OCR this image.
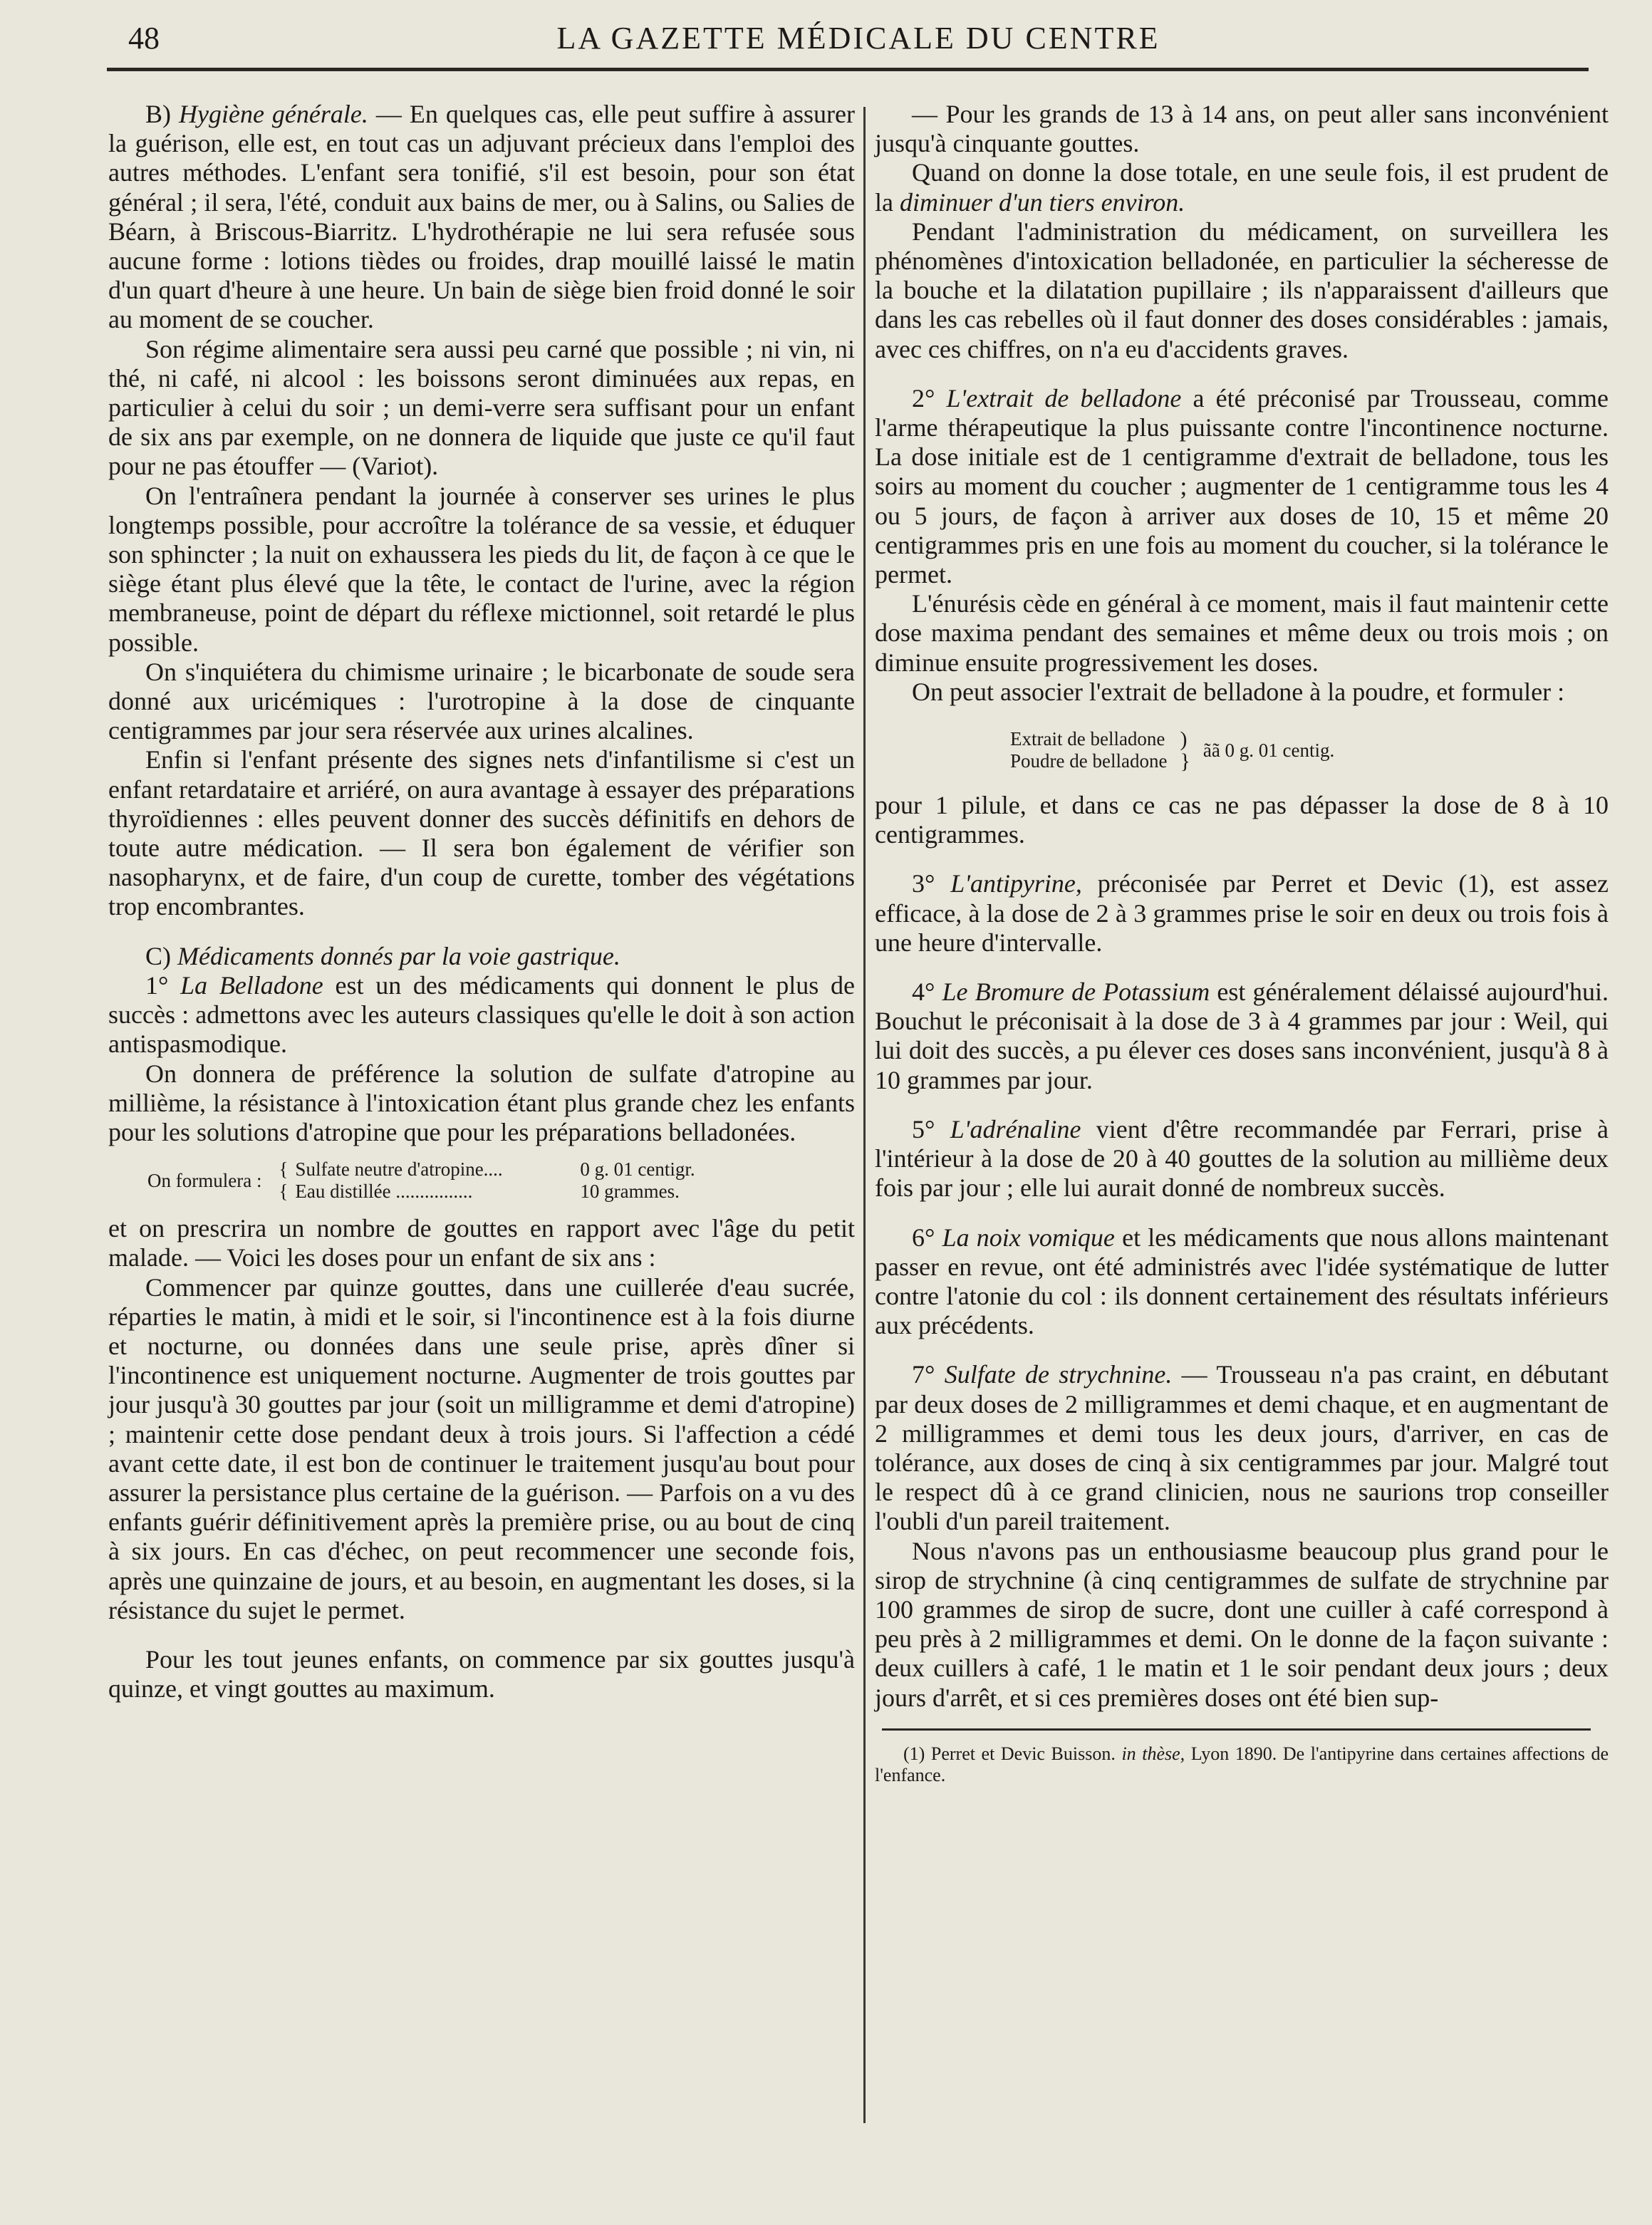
48	LA GAZETTE MÉDICALE DU CENTRE

B) Hygiène générale. — En quelques cas, elle peut suffire à assurer la guérison, elle est, en tout cas un adjuvant précieux dans l'emploi des autres méthodes. L'enfant sera tonifié, s'il est besoin, pour son état général ; il sera, l'été, conduit aux bains de mer, ou à Salins, ou Salies de Béarn, à Briscous-Biarritz. L'hydrothérapie ne lui sera refusée sous aucune forme : lotions tièdes ou froides, drap mouillé laissé le matin d'un quart d'heure à une heure. Un bain de siège bien froid donné le soir au moment de se coucher.

Son régime alimentaire sera aussi peu carné que possible ; ni vin, ni thé, ni café, ni alcool : les boissons seront diminuées aux repas, en particulier à celui du soir ; un demi-verre sera suffisant pour un enfant de six ans par exemple, on ne donnera de liquide que juste ce qu'il faut pour ne pas étouffer — (Variot).

On l'entraînera pendant la journée à conserver ses urines le plus longtemps possible, pour accroître la tolérance de sa vessie, et éduquer son sphincter ; la nuit on exhaussera les pieds du lit, de façon à ce que le siège étant plus élevé que la tête, le contact de l'urine, avec la région membraneuse, point de départ du réflexe mictionnel, soit retardé le plus possible.

On s'inquiétera du chimisme urinaire ; le bicarbonate de soude sera donné aux uricémiques : l'urotropine à la dose de cinquante centigrammes par jour sera réservée aux urines alcalines.

Enfin si l'enfant présente des signes nets d'infantilisme si c'est un enfant retardataire et arriéré, on aura avantage à essayer des préparations thyroïdiennes : elles peuvent donner des succès définitifs en dehors de toute autre médication. — Il sera bon également de vérifier son nasopharynx, et de faire, d'un coup de curette, tomber des végétations trop encombrantes.

C) Médicaments donnés par la voie gastrique.

1° La Belladone est un des médicaments qui donnent le plus de succès : admettons avec les auteurs classiques qu'elle le doit à son action antispasmodique.

On donnera de préférence la solution de sulfate d'atropine au millième, la résistance à l'intoxication étant plus grande chez les enfants pour les solutions d'atropine que pour les préparations belladonées.

On formulera :
{ Sulfate neutre d'atropine....	0 g. 01 centigr.
{ Eau distillée ................	10 grammes.

et on prescrira un nombre de gouttes en rapport avec l'âge du petit malade. — Voici les doses pour un enfant de six ans :

Commencer par quinze gouttes, dans une cuillerée d'eau sucrée, réparties le matin, à midi et le soir, si l'incontinence est à la fois diurne et nocturne, ou données dans une seule prise, après dîner si l'incontinence est uniquement nocturne. Augmenter de trois gouttes par jour jusqu'à 30 gouttes par jour (soit un milligramme et demi d'atropine) ; maintenir cette dose pendant deux à trois jours. Si l'affection a cédé avant cette date, il est bon de continuer le traitement jusqu'au bout pour assurer la persistance plus certaine de la guérison. — Parfois on a vu des enfants guérir définitivement après la première prise, ou au bout de cinq à six jours. En cas d'échec, on peut recommencer une seconde fois, après une quinzaine de jours, et au besoin, en augmentant les doses, si la résistance du sujet le permet.

Pour les tout jeunes enfants, on commence par six gouttes jusqu'à quinze, et vingt gouttes au maximum.

— Pour les grands de 13 à 14 ans, on peut aller sans inconvénient jusqu'à cinquante gouttes.

Quand on donne la dose totale, en une seule fois, il est prudent de la diminuer d'un tiers environ.

Pendant l'administration du médicament, on surveillera les phénomènes d'intoxication belladonée, en particulier la sécheresse de la bouche et la dilatation pupillaire ; ils n'apparaissent d'ailleurs que dans les cas rebelles où il faut donner des doses considérables : jamais, avec ces chiffres, on n'a eu d'accidents graves.

2° L'extrait de belladone a été préconisé par Trousseau, comme l'arme thérapeutique la plus puissante contre l'incontinence nocturne. La dose initiale est de 1 centigramme d'extrait de belladone, tous les soirs au moment du coucher ; augmenter de 1 centigramme tous les 4 ou 5 jours, de façon à arriver aux doses de 10, 15 et même 20 centigrammes pris en une fois au moment du coucher, si la tolérance le permet.

L'énurésis cède en général à ce moment, mais il faut maintenir cette dose maxima pendant des semaines et même deux ou trois mois ; on diminue ensuite progressivement les doses.

On peut associer l'extrait de belladone à la poudre, et formuler :

Extrait de belladone
Poudre de belladone
)
} ãã 0 g. 01 centig.

pour 1 pilule, et dans ce cas ne pas dépasser la dose de 8 à 10 centigrammes.

3° L'antipyrine, préconisée par Perret et Devic (1), est assez efficace, à la dose de 2 à 3 grammes prise le soir en deux ou trois fois à une heure d'intervalle.

4° Le Bromure de Potassium est généralement délaissé aujourd'hui. Bouchut le préconisait à la dose de 3 à 4 grammes par jour : Weil, qui lui doit des succès, a pu élever ces doses sans inconvénient, jusqu'à 8 à 10 grammes par jour.

5° L'adrénaline vient d'être recommandée par Ferrari, prise à l'intérieur à la dose de 20 à 40 gouttes de la solution au millième deux fois par jour ; elle lui aurait donné de nombreux succès.

6° La noix vomique et les médicaments que nous allons maintenant passer en revue, ont été administrés avec l'idée systématique de lutter contre l'atonie du col : ils donnent certainement des résultats inférieurs aux précédents.

7° Sulfate de strychnine. — Trousseau n'a pas craint, en débutant par deux doses de 2 milligrammes et demi chaque, et en augmentant de 2 milligrammes et demi tous les deux jours, d'arriver, en cas de tolérance, aux doses de cinq à six centigrammes par jour. Malgré tout le respect dû à ce grand clinicien, nous ne saurions trop conseiller l'oubli d'un pareil traitement.

Nous n'avons pas un enthousiasme beaucoup plus grand pour le sirop de strychnine (à cinq centigrammes de sulfate de strychnine par 100 grammes de sirop de sucre, dont une cuiller à café correspond à peu près à 2 milligrammes et demi. On le donne de la façon suivante : deux cuillers à café, 1 le matin et 1 le soir pendant deux jours ; deux jours d'arrêt, et si ces premières doses ont été bien sup-

(1) Perret et Devic Buisson. in thèse, Lyon 1890. De l'antipyrine dans certaines affections de l'enfance.
